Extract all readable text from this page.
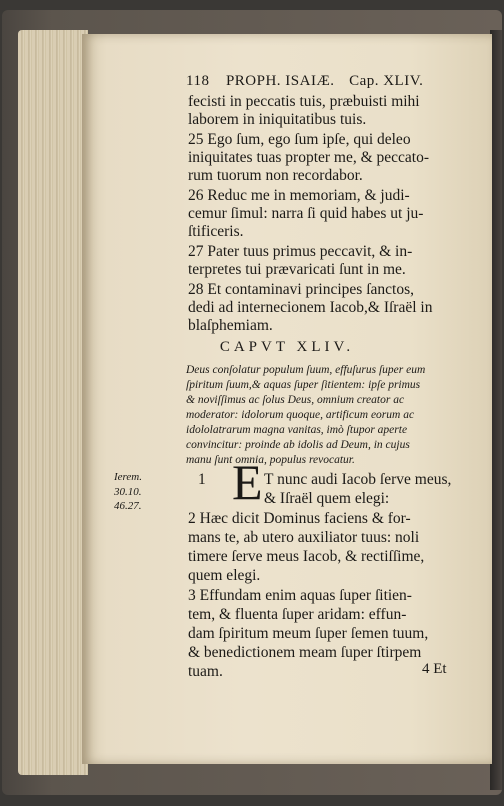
118 PROPH. ISAIÆ. Cap. XLIV.
fecisti in peccatis tuis, præbuisti mihi
laborem in iniquitatibus tuis.
25 Ego ſum, ego ſum ipſe, qui deleo
iniquitates tuas propter me, & peccato-
rum tuorum non recordabor.
26 Reduc me in memoriam, & judi-
cemur ſimul: narra ſi quid habes ut ju-
ſtificeris.
27 Pater tuus primus peccavit, & in-
terpretes tui prævaricati ſunt in me.
28 Et contaminavi principes ſanctos,
dedi ad internecionem Iacob,& Iſraël in
blaſphemiam.
CAPVT XLIV.
Deus conſolatur populum ſuum, effuſurus ſuper eum
ſpiritum ſuum,& aquas ſuper ſitientem: ipſe primus
& noviſſimus ac ſolus Deus, omnium creator ac
moderator: idolorum quoque, artificum eorum ac
idololatrarum magna vanitas, imò ſtupor aperte
convincitur: proinde ab idolis ad Deum, in cujus
manu ſunt omnia, populus revocatur.
Ierem.
30.10.
46.27.
1 E T nunc audi Iacob ſerve meus,
& Iſraël quem elegi:
2 Hæc dicit Dominus faciens & for-
mans te, ab utero auxiliator tuus: noli
timere ſerve meus Iacob, & rectiſſime,
quem elegi.
3 Effundam enim aquas ſuper ſitien-
tem, & fluenta ſuper aridam: effun-
dam ſpiritum meum ſuper ſemen tuum,
& benedictionem meam ſuper ſtirpem
tuam.	4 Et
